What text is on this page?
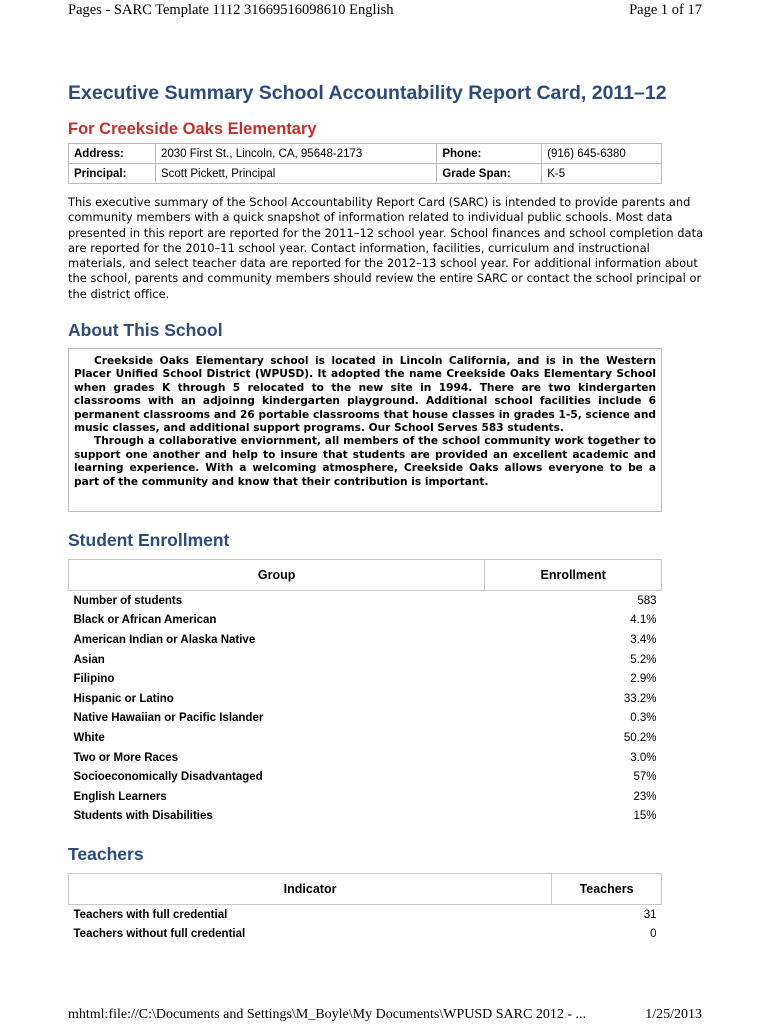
Pages - SARC Template 1112 31669516098610 English	Page 1 of 17
Executive Summary School Accountability Report Card, 2011–12
For Creekside Oaks Elementary
Address:	2030 First St., Lincoln, CA, 95648-2173	Phone:	(916) 645-6380
Principal:	Scott Pickett, Principal	Grade Span:	K-5

This executive summary of the School Accountability Report Card (SARC) is intended to provide parents and community members with a quick snapshot of information related to individual public schools. Most data presented in this report are reported for the 2011–12 school year. School finances and school completion data are reported for the 2010–11 school year. Contact information, facilities, curriculum and instructional materials, and select teacher data are reported for the 2012–13 school year. For additional information about the school, parents and community members should review the entire SARC or contact the school principal or the district office.

About This School

Creekside Oaks Elementary school is located in Lincoln California, and is in the Western Placer Unified School District (WPUSD). It adopted the name Creekside Oaks Elementary School when grades K through 5 relocated to the new site in 1994. There are two kindergarten classrooms with an adjoinng kindergarten playground. Additional school facilities include 6 permanent classrooms and 26 portable classrooms that house classes in grades 1-5, science and music classes, and additional support programs. Our School Serves 583 students.

Through a collaborative enviornment, all members of the school community work together to support one another and help to insure that students are provided an excellent academic and learning experience. With a welcoming atmosphere, Creekside Oaks allows everyone to be a part of the community and know that their contribution is important.

Student Enrollment
Group	Enrollment
Number of students	583
Black or African American	4.1%
American Indian or Alaska Native	3.4%
Asian	5.2%
Filipino	2.9%
Hispanic or Latino	33.2%
Native Hawaiian or Pacific Islander	0.3%
White	50.2%
Two or More Races	3.0%
Socioeconomically Disadvantaged	57%
English Learners	23%
Students with Disabilities	15%
Teachers
Indicator	Teachers
Teachers with full credential	31
Teachers without full credential	0
mhtml:file://C:\Documents and Settings\M_Boyle\My Documents\WPUSD SARC 2012 - ...	1/25/2013
